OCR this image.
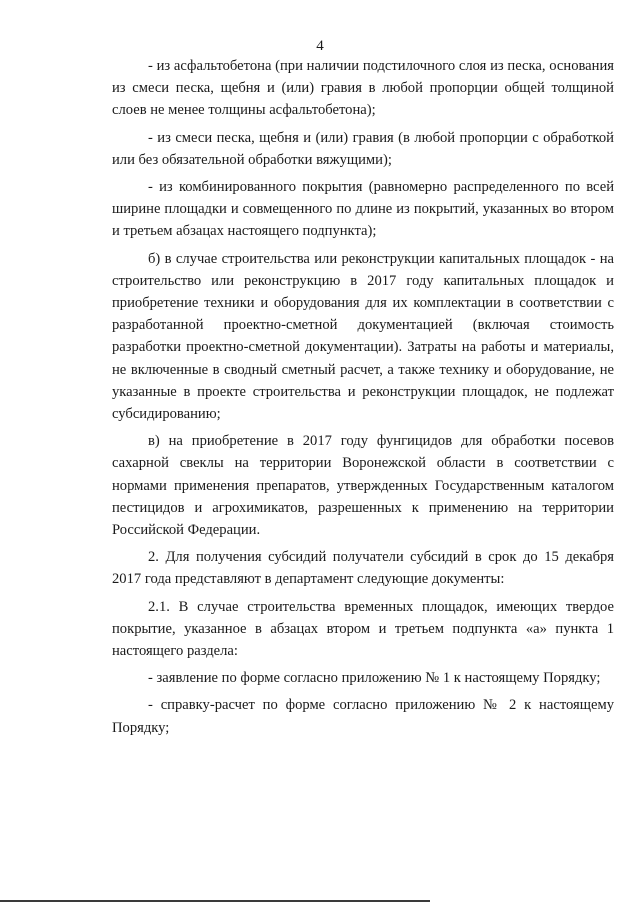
4

- из асфальтобетона (при наличии подстилочного слоя из песка, основания из смеси песка, щебня и (или) гравия в любой пропорции общей толщиной слоев не менее толщины асфальтобетона);

- из смеси песка, щебня и (или) гравия (в любой пропорции с обработкой или без обязательной обработки вяжущими);

- из комбинированного покрытия (равномерно распределенного по всей ширине площадки и совмещенного по длине из покрытий, указанных во втором и третьем абзацах настоящего подпункта);

б) в случае строительства или реконструкции капитальных площадок - на строительство или реконструкцию в 2017 году капитальных площадок и приобретение техники и оборудования для их комплектации в соответствии с разработанной проектно-сметной документацией (включая стоимость разработки проектно-сметной документации). Затраты на работы и материалы, не включенные в сводный сметный расчет, а также технику и оборудование, не указанные в проекте строительства и реконструкции площадок, не подлежат субсидированию;

в) на приобретение в 2017 году фунгицидов для обработки посевов сахарной свеклы на территории Воронежской области в соответствии с нормами применения препаратов, утвержденных Государственным каталогом пестицидов и агрохимикатов, разрешенных к применению на территории Российской Федерации.

2. Для получения субсидий получатели субсидий в срок до 15 декабря 2017 года представляют в департамент следующие документы:

2.1. В случае строительства временных площадок, имеющих твердое покрытие, указанное в абзацах втором и третьем подпункта «а» пункта 1 настоящего раздела:

- заявление по форме согласно приложению № 1 к настоящему Порядку;

- справку-расчет по форме согласно приложению № 2 к настоящему Порядку;
